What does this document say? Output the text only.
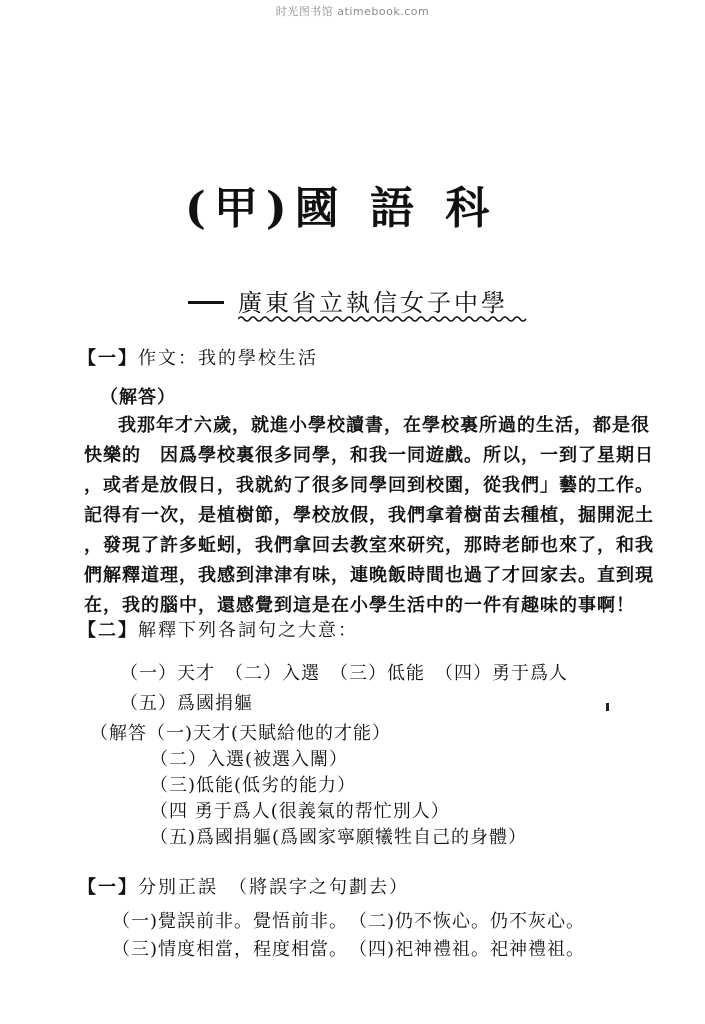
时光图书馆 atimebook.com
(甲)國 語 科
廣東省立執信女子中學
【一】作文：我的學校生活
（解答）
我那年才六歲，就進小學校讀書，在學校裏所過的生活，都是很
快樂的　因爲學校裏很多同學，和我一同遊戲。所以，一到了星期日
，或者是放假日，我就約了很多同學回到校園，從我們」藝的工作。
記得有一次，是植樹節，學校放假，我們拿着樹苗去種植，掘開泥土
，發現了許多蚯蚓，我們拿回去教室來研究，那時老師也來了，和我
們解釋道理，我感到津津有味，連晚飯時間也過了才回家去。直到現
在，我的腦中，還感覺到這是在小學生活中的一件有趣味的事啊！
【二】解釋下列各詞句之大意：
（一）天才　（二）入選　（三）低能　（四）勇于爲人
（五）爲國捐軀
（解答（一)天才(天賦給他的才能）
（二）入選(被選入闈）
（三)低能(低劣的能力）
（四 勇于爲人(很義氣的帮忙別人）
（五)爲國捐軀(爲國家寧願犧牲自己的身體）
【一】分別正誤　 （將誤字之句劃去）
（一)覺誤前非。覺悟前非。　（二)仍不恢心。仍不灰心。
（三)情度相當，程度相當。　（四)祀神禮祖。祀神禮祖。
